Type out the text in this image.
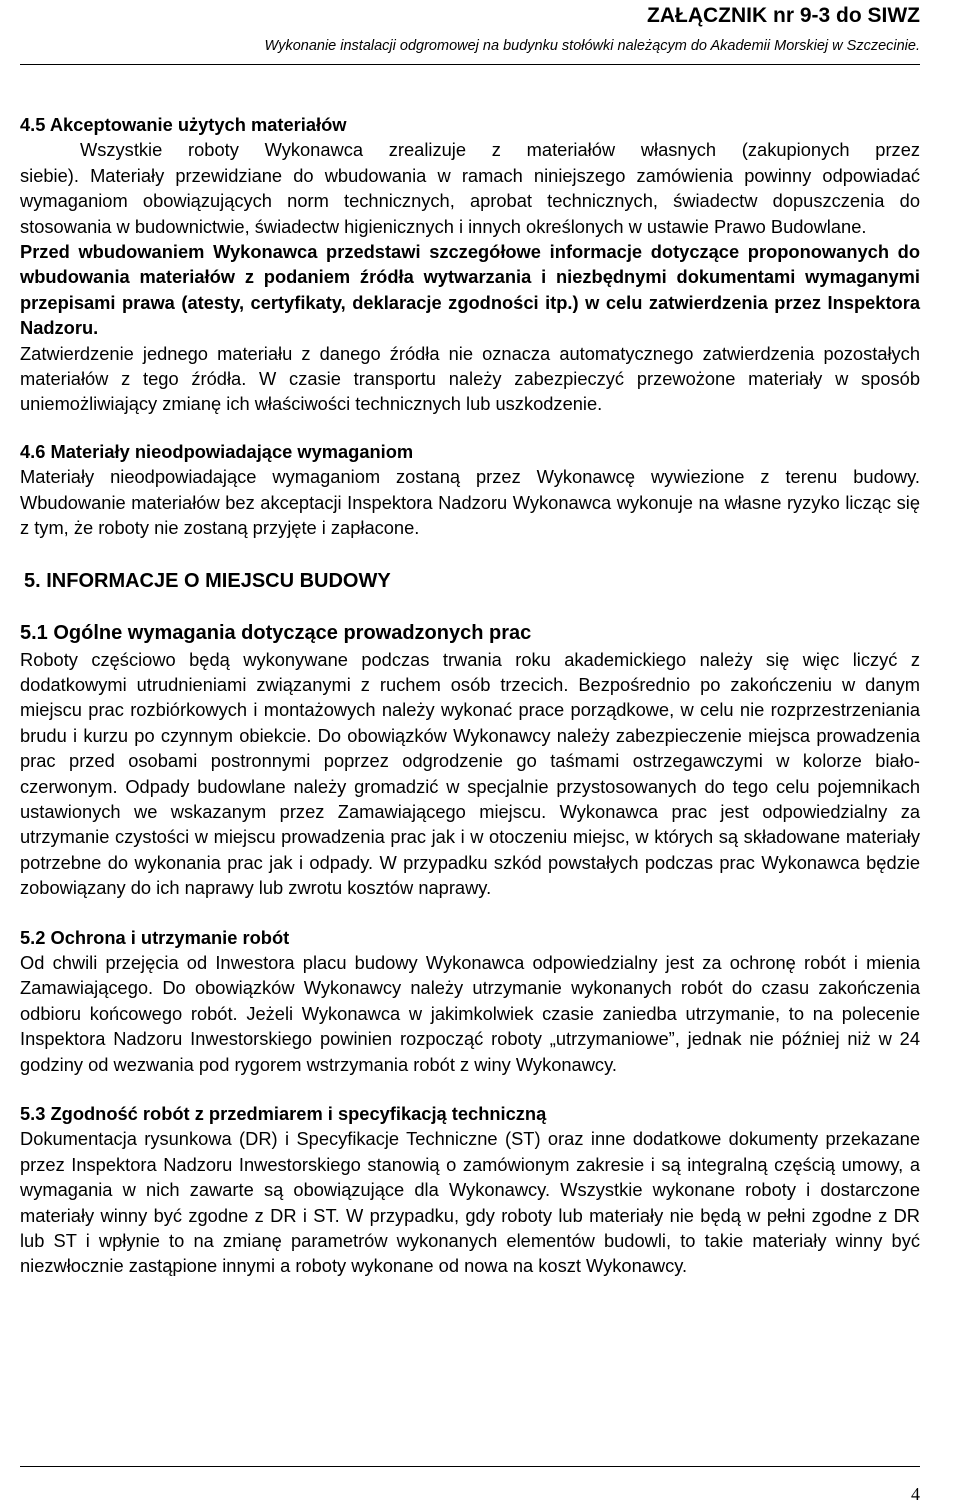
ZAŁĄCZNIK nr 9-3 do SIWZ
Wykonanie instalacji odgromowej na budynku stołówki należącym do Akademii Morskiej w Szczecinie.

4.5 Akceptowanie użytych materiałów

Wszystkie roboty Wykonawca zrealizuje z materiałów własnych (zakupionych przez

siebie). Materiały przewidziane do wbudowania w ramach niniejszego zamówienia powinny odpowiadać wymaganiom obowiązujących norm technicznych, aprobat technicznych, świadectw dopuszczenia do stosowania w budownictwie, świadectw higienicznych i innych określonych w ustawie Prawo Budowlane.

Przed wbudowaniem Wykonawca przedstawi szczegółowe informacje dotyczące proponowanych do wbudowania materiałów z podaniem źródła wytwarzania i niezbędnymi dokumentami wymaganymi przepisami prawa (atesty, certyfikaty, deklaracje zgodności itp.) w celu zatwierdzenia przez Inspektora Nadzoru.

Zatwierdzenie jednego materiału z danego źródła nie oznacza automatycznego zatwierdzenia pozostałych materiałów z tego źródła. W czasie transportu należy zabezpieczyć przewożone materiały w sposób uniemożliwiający zmianę ich właściwości technicznych lub uszkodzenie.

4.6 Materiały nieodpowiadające wymaganiom

Materiały nieodpowiadające wymaganiom zostaną przez Wykonawcę wywiezione z terenu budowy. Wbudowanie materiałów bez akceptacji Inspektora Nadzoru Wykonawca wykonuje na własne ryzyko licząc się z tym, że roboty nie zostaną przyjęte i zapłacone.

5. INFORMACJE O MIEJSCU BUDOWY

5.1 Ogólne wymagania dotyczące prowadzonych prac

Roboty częściowo będą wykonywane podczas trwania roku akademickiego należy się więc liczyć z dodatkowymi utrudnieniami związanymi z ruchem osób trzecich. Bezpośrednio po zakończeniu w danym miejscu prac rozbiórkowych i montażowych należy wykonać prace porządkowe, w celu nie rozprzestrzeniania brudu i kurzu po czynnym obiekcie. Do obowiązków Wykonawcy należy zabezpieczenie miejsca prowadzenia prac przed osobami postronnymi poprzez odgrodzenie go taśmami ostrzegawczymi w kolorze biało-czerwonym. Odpady budowlane należy gromadzić w specjalnie przystosowanych do tego celu pojemnikach ustawionych we wskazanym przez Zamawiającego miejscu. Wykonawca prac jest odpowiedzialny za utrzymanie czystości w miejscu prowadzenia prac jak i w otoczeniu miejsc, w których są składowane materiały potrzebne do wykonania prac jak i odpady. W przypadku szkód powstałych podczas prac Wykonawca będzie zobowiązany do ich naprawy lub zwrotu kosztów naprawy.

5.2 Ochrona i utrzymanie robót

Od chwili przejęcia od Inwestora placu budowy Wykonawca odpowiedzialny jest za ochronę robót i mienia Zamawiającego. Do obowiązków Wykonawcy należy utrzymanie wykonanych robót do czasu zakończenia odbioru końcowego robót. Jeżeli Wykonawca w jakimkolwiek czasie zaniedba utrzymanie, to na polecenie Inspektora Nadzoru Inwestorskiego powinien rozpocząć roboty „utrzymaniowe”, jednak nie później niż w 24 godziny od wezwania pod rygorem wstrzymania robót z winy Wykonawcy.

5.3 Zgodność robót z przedmiarem i specyfikacją techniczną

Dokumentacja rysunkowa (DR) i Specyfikacje Techniczne (ST) oraz inne dodatkowe dokumenty przekazane przez Inspektora Nadzoru Inwestorskiego stanowią o zamówionym zakresie i są integralną częścią umowy, a wymagania w nich zawarte są obowiązujące dla Wykonawcy. Wszystkie wykonane roboty i dostarczone materiały winny być zgodne z DR i ST. W przypadku, gdy roboty lub materiały nie będą w pełni zgodne z DR lub ST i wpłynie to na zmianę parametrów wykonanych elementów budowli, to takie materiały winny być niezwłocznie zastąpione innymi a roboty wykonane od nowa na koszt Wykonawcy.

4
